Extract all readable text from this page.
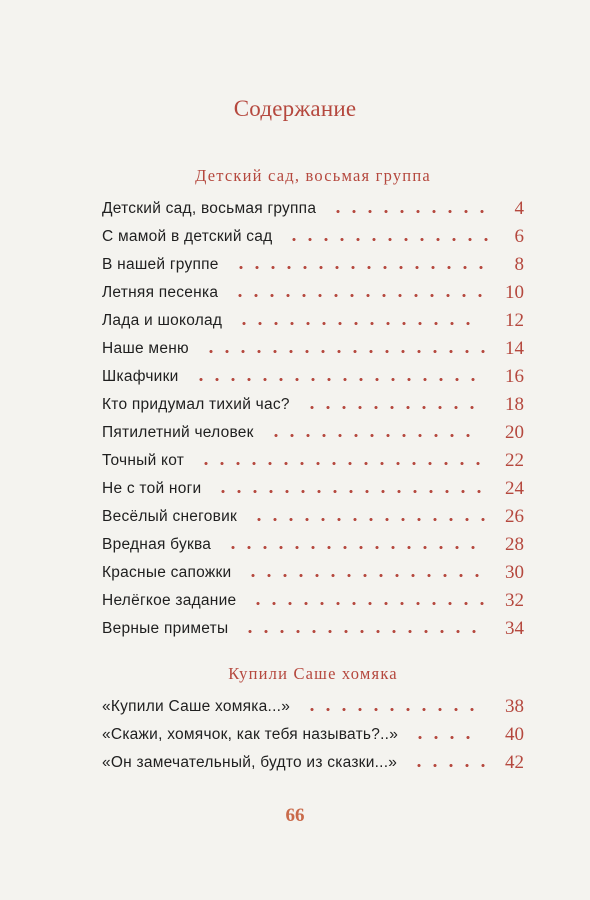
Содержание
Детский сад, восьмая группа
Детский сад, восьмая группа	4
С мамой в детский сад	6
В нашей группе	8
Летняя песенка	10
Лада и шоколад	12
Наше меню	14
Шкафчики	16
Кто придумал тихий час?	18
Пятилетний человек	20
Точный кот	22
Не с той ноги	24
Весёлый снеговик	26
Вредная буква	28
Красные сапожки	30
Нелёгкое задание	32
Верные приметы	34
Купили Саше хомяка
«Купили Саше хомяка...»	38
«Скажи, хомячок, как тебя называть?..»	40
«Он замечательный, будто из сказки...»	42
66
